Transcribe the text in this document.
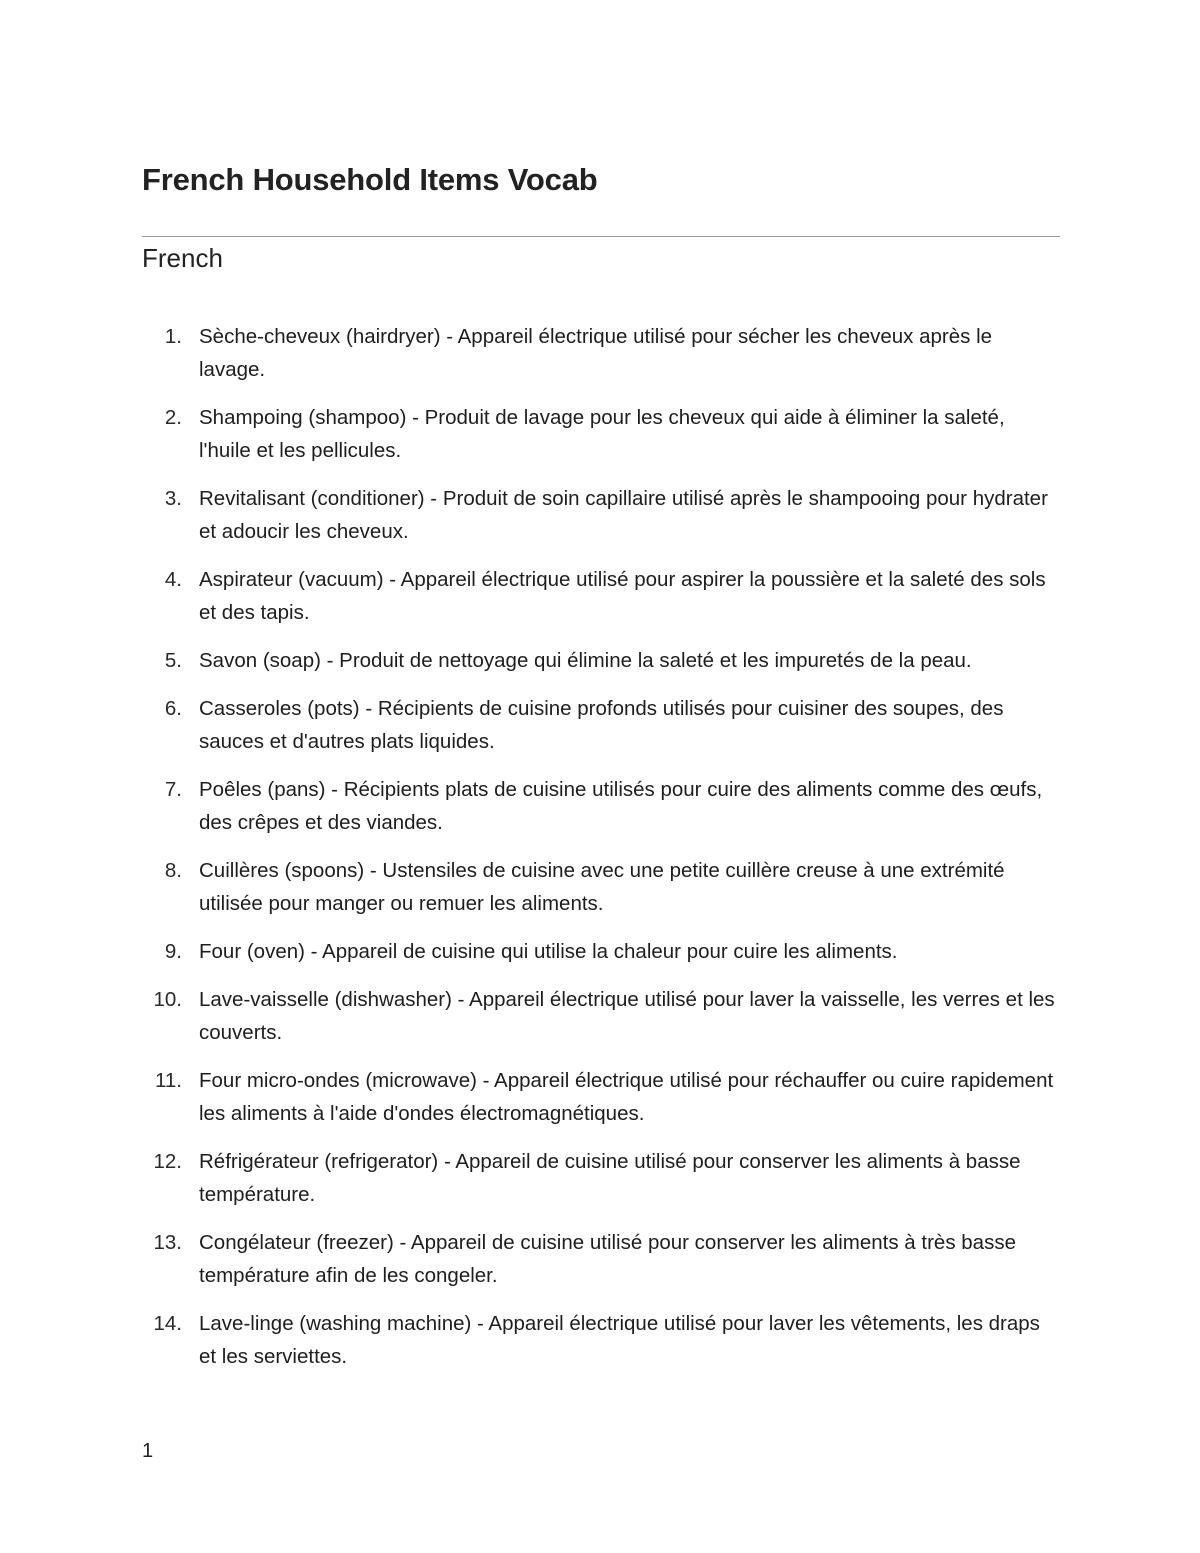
French Household Items Vocab
French
1. Sèche-cheveux (hairdryer) - Appareil électrique utilisé pour sécher les cheveux après le lavage.
2. Shampoing (shampoo) - Produit de lavage pour les cheveux qui aide à éliminer la saleté, l'huile et les pellicules.
3. Revitalisant (conditioner) - Produit de soin capillaire utilisé après le shampooing pour hydrater et adoucir les cheveux.
4. Aspirateur (vacuum) - Appareil électrique utilisé pour aspirer la poussière et la saleté des sols et des tapis.
5. Savon (soap) - Produit de nettoyage qui élimine la saleté et les impuretés de la peau.
6. Casseroles (pots) - Récipients de cuisine profonds utilisés pour cuisiner des soupes, des sauces et d'autres plats liquides.
7. Poêles (pans) - Récipients plats de cuisine utilisés pour cuire des aliments comme des œufs, des crêpes et des viandes.
8. Cuillères (spoons) - Ustensiles de cuisine avec une petite cuillère creuse à une extrémité utilisée pour manger ou remuer les aliments.
9. Four (oven) - Appareil de cuisine qui utilise la chaleur pour cuire les aliments.
10. Lave-vaisselle (dishwasher) - Appareil électrique utilisé pour laver la vaisselle, les verres et les couverts.
11. Four micro-ondes (microwave) - Appareil électrique utilisé pour réchauffer ou cuire rapidement les aliments à l'aide d'ondes électromagnétiques.
12. Réfrigérateur (refrigerator) - Appareil de cuisine utilisé pour conserver les aliments à basse température.
13. Congélateur (freezer) - Appareil de cuisine utilisé pour conserver les aliments à très basse température afin de les congeler.
14. Lave-linge (washing machine) - Appareil électrique utilisé pour laver les vêtements, les draps et les serviettes.
1
